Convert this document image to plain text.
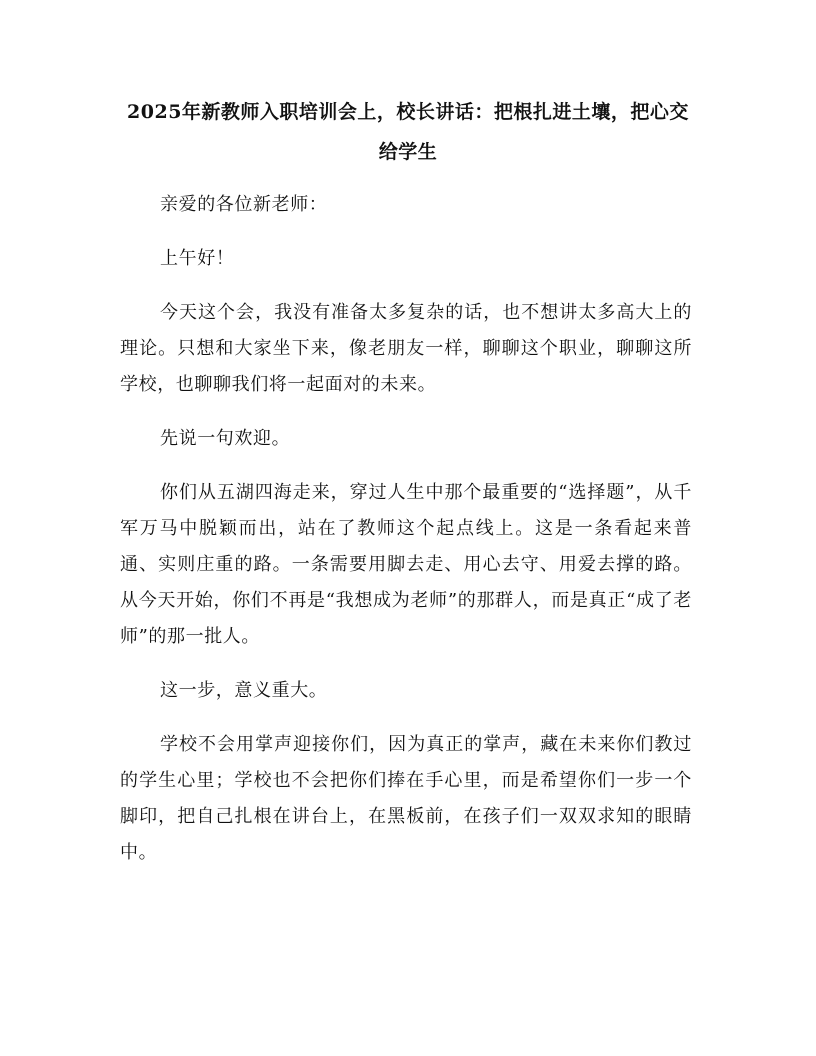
2025年新教师入职培训会上，校长讲话：把根扎进土壤，把心交给学生

亲爱的各位新老师：

上午好！

今天这个会，我没有准备太多复杂的话，也不想讲太多高大上的理论。只想和大家坐下来，像老朋友一样，聊聊这个职业，聊聊这所学校，也聊聊我们将一起面对的未来。

先说一句欢迎。

你们从五湖四海走来，穿过人生中那个最重要的“选择题”，从千军万马中脱颖而出，站在了教师这个起点线上。这是一条看起来普通、实则庄重的路。一条需要用脚去走、用心去守、用爱去撑的路。从今天开始，你们不再是“我想成为老师”的那群人，而是真正“成了老师”的那一批人。

这一步，意义重大。

学校不会用掌声迎接你们，因为真正的掌声，藏在未来你们教过的学生心里；学校也不会把你们捧在手心里，而是希望你们一步一个脚印，把自己扎根在讲台上，在黑板前，在孩子们一双双求知的眼睛中。
